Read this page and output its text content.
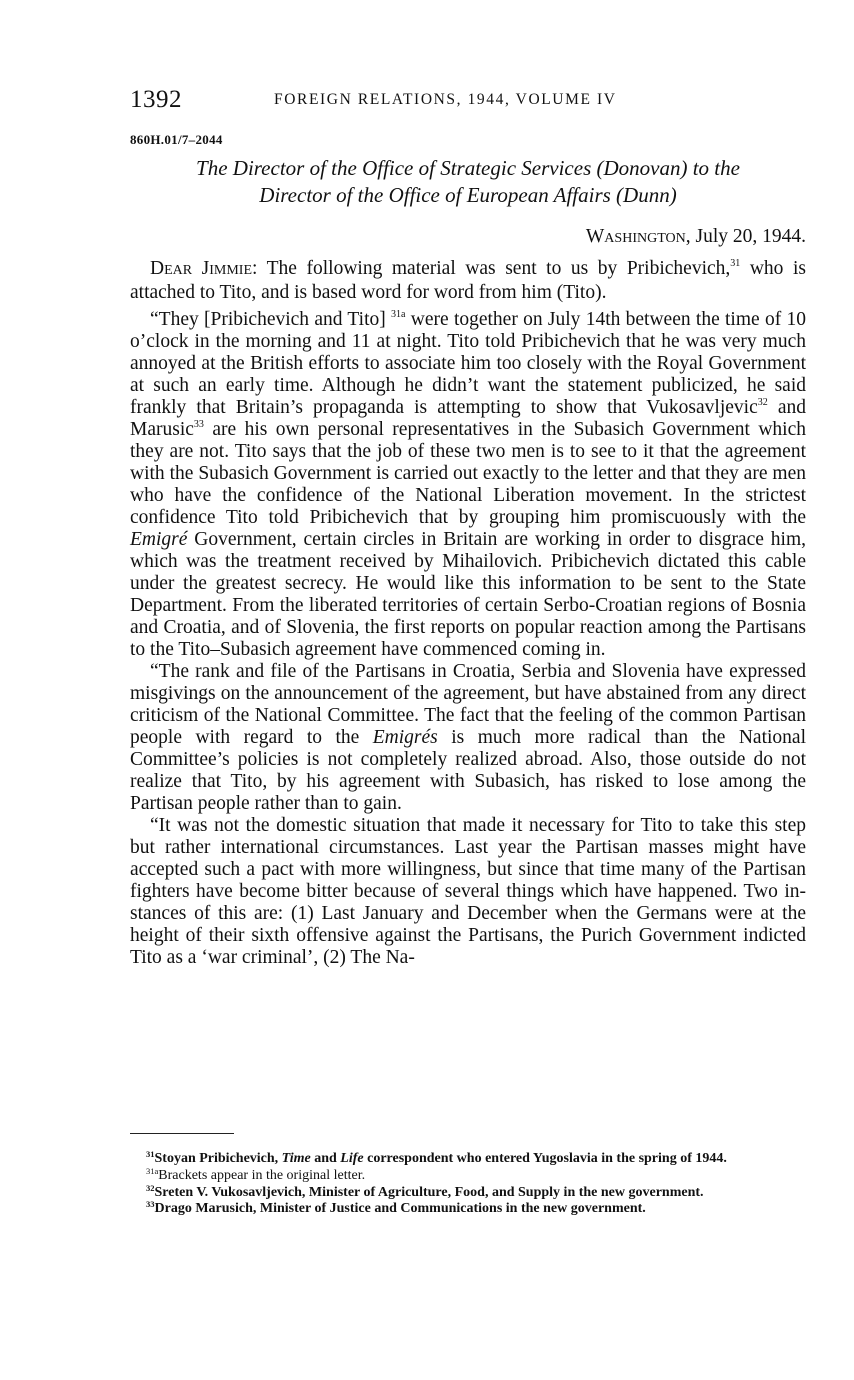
1392	FOREIGN RELATIONS, 1944, VOLUME IV
860H.01/7–2044
The Director of the Office of Strategic Services (Donovan) to the
Director of the Office of European Affairs (Dunn)
Washington, July 20, 1944.

Dear Jimmie: The following material was sent to us by Pribichevich,$^{31}$ who is attached to Tito, and is based word for word from him (Tito).

“They [Pribichevich and Tito] $^{31a}$ were together on July 14th between the time of 10 o’clock in the morning and 11 at night. Tito told Pribichevich that he was very much annoyed at the British efforts to associate him too closely with the Royal Government at such an early time. Although he didn’t want the statement publicized, he said frankly that Britain’s propaganda is attempting to show that Vukosavljevic$^{32}$ and Marusic$^{33}$ are his own personal representatives in the Subasich Government which they are not. Tito says that the job of these two men is to see to it that the agreement with the Subasich Government is carried out exactly to the letter and that they are men who have the confidence of the National Liberation movement. In the strictest confidence Tito told Pribichevich that by grouping him promiscuously with the Emigré Government, certain circles in Britain are working in order to disgrace him, which was the treatment received by Mihailovich. Pribichevich dictated this cable under the greatest secrecy. He would like this information to be sent to the State Department. From the liberated territories of certain Serbo-Croatian regions of Bosnia and Croatia, and of Slovenia, the first reports on popular reaction among the Partisans to the Tito–Subasich agreement have commenced coming in.

“The rank and file of the Partisans in Croatia, Serbia and Slovenia have expressed misgivings on the announcement of the agreement, but have abstained from any direct criticism of the National Committee. The fact that the feeling of the common Partisan people with regard to the Emigrés is much more radical than the National Committee’s policies is not completely realized abroad. Also, those outside do not realize that Tito, by his agreement with Subasich, has risked to lose among the Partisan people rather than to gain.

“It was not the domestic situation that made it necessary for Tito to take this step but rather international circumstances. Last year the Partisan masses might have accepted such a pact with more willingness, but since that time many of the Partisan fighters have become bitter because of several things which have happened. Two instances of this are: (1) Last January and December when the Germans were at the height of their sixth offensive against the Partisans, the Purich Government indicted Tito as a ‘war criminal’, (2) The Na-

$^{31}$Stoyan Pribichevich, Time and Life correspondent who entered Yugoslavia in the spring of 1944.

$^{31a}$Brackets appear in the original letter.

$^{32}$Sreten V. Vukosavljevich, Minister of Agriculture, Food, and Supply in the new government.

$^{33}$Drago Marusich, Minister of Justice and Communications in the new government.
